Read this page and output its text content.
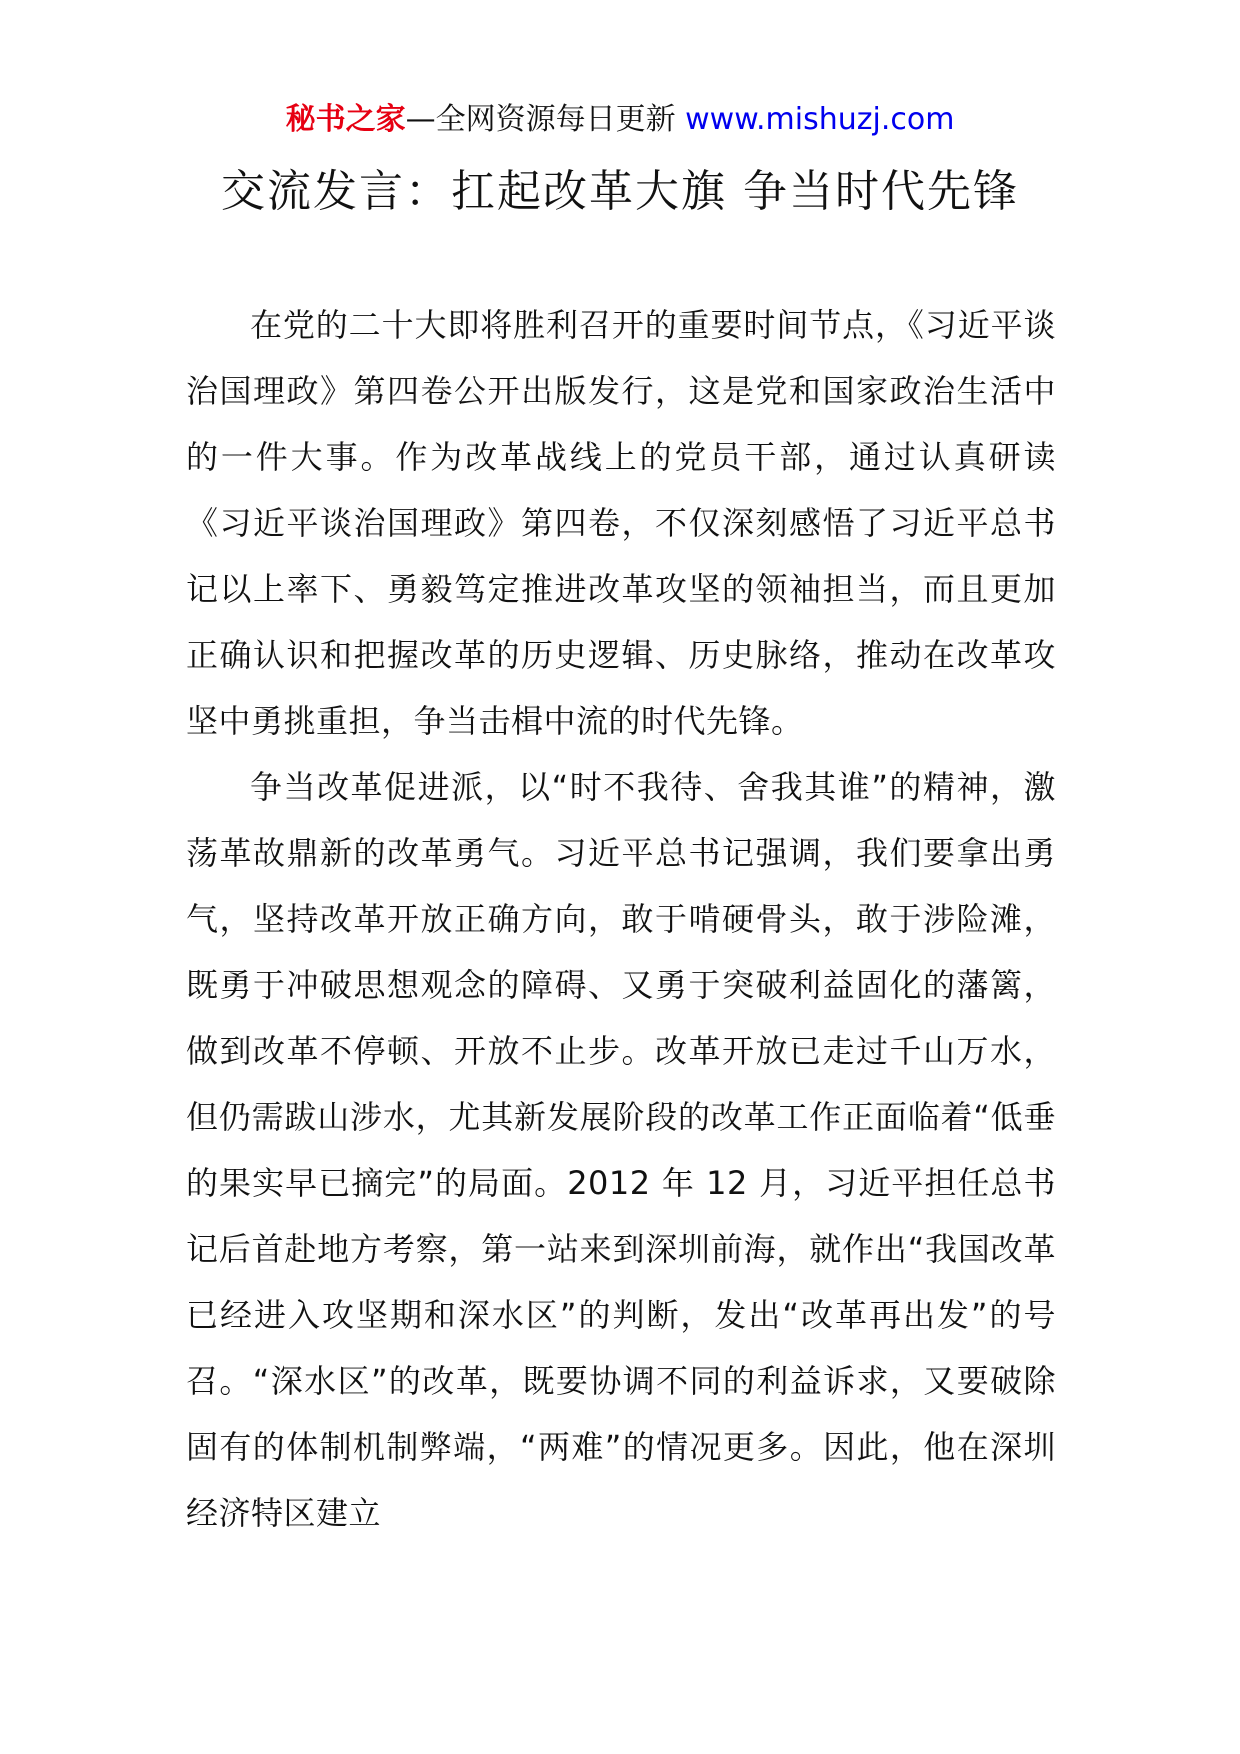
秘书之家—全网资源每日更新 www.mishuzj.com
交流发言：扛起改革大旗 争当时代先锋

在党的二十大即将胜利召开的重要时间节点，《习近平谈治国理政》第四卷公开出版发行，这是党和国家政治生活中的一件大事。作为改革战线上的党员干部，通过认真研读《习近平谈治国理政》第四卷，不仅深刻感悟了习近平总书记以上率下、勇毅笃定推进改革攻坚的领袖担当，而且更加正确认识和把握改革的历史逻辑、历史脉络，推动在改革攻坚中勇挑重担，争当击楫中流的时代先锋。

争当改革促进派，以“时不我待、舍我其谁”的精神，激荡革故鼎新的改革勇气。习近平总书记强调，我们要拿出勇气，坚持改革开放正确方向，敢于啃硬骨头，敢于涉险滩，既勇于冲破思想观念的障碍、又勇于突破利益固化的藩篱，做到改革不停顿、开放不止步。改革开放已走过千山万水，但仍需跋山涉水，尤其新发展阶段的改革工作正面临着“低垂的果实早已摘完”的局面。2012 年 12 月，习近平担任总书记后首赴地方考察，第一站来到深圳前海，就作出“我国改革已经进入攻坚期和深水区”的判断，发出“改革再出发”的号召。“深水区”的改革，既要协调不同的利益诉求，又要破除固有的体制机制弊端，“两难”的情况更多。因此，他在深圳经济特区建立
